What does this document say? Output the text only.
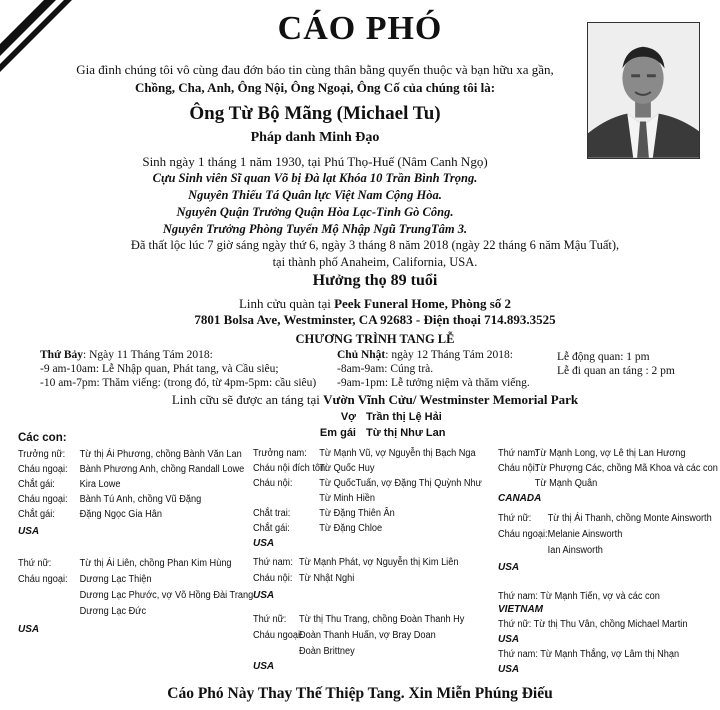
CÁO PHÓ
Gia đình chúng tôi vô cùng đau đớn báo tin cùng thân bằng quyến thuộc và bạn hữu xa gần,
Chồng, Cha, Anh, Ông Nội, Ông Ngoại, Ông Cố của chúng tôi là:
Ông Từ Bộ Mãng (Michael Tu)
Pháp danh Minh Đạo
Sinh ngày 1 tháng 1 năm 1930, tại Phú Thọ-Huế (Nâm Canh Ngọ)
Cựu Sinh viên Sĩ quan Võ bị Đà lạt Khóa 10 Trần Bình Trọng.
Nguyên Thiếu Tá Quân lực Việt Nam Cộng Hòa.
Nguyên Quận Trưởng Quận Hòa Lạc-Tỉnh Gò Công.
Nguyên Trưởng Phòng Tuyển Mộ Nhập Ngũ TrungTâm 3.
Đã thất lộc lúc 7 giờ sáng ngày thứ 6, ngày 3 tháng 8 năm 2018 (ngày 22 tháng 6 năm Mậu Tuất),
tại thành phố Anaheim, California, USA.
Hưởng thọ 89 tuổi
Linh cửu quàn tại Peek Funeral Home, Phòng số 2
7801 Bolsa Ave, Westminster, CA 92683 - Điện thoại 714.893.3525
CHƯƠNG TRÌNH TANG LỄ
Thứ Bảy: Ngày 11 Tháng Tám 2018:
-9 am-10am: Lễ Nhập quan, Phát tang, và Cầu siêu;
-10 am-7pm: Thăm viếng: (trong đó, từ 4pm-5pm: cầu siêu)
Chủ Nhật: ngày 12 Tháng Tám 2018:
-8am-9am: Cúng trà.
-9am-1pm: Lễ tưởng niệm và thăm viếng.
Lễ động quan: 1 pm
Lễ đi quan an táng : 2 pm
Linh cữu sẽ được an táng tại Vườn Vĩnh Cửu/ Westminster Memorial Park
Vợ Trần thị Lệ Hải
Em gái Từ thị Như Lan
Các con:
Trưởng nữ: Từ thị Ái Phương, chồng Bành Văn Lan
Cháu ngoại: Bành Phương Anh, chồng Randall Lowe
Chắt gái: Kira Lowe
Cháu ngoại: Bành Tú Anh, chồng Vũ Đặng
Chắt gái: Đặng Ngọc Gia Hân
USA
Thứ nữ:	Từ thị Ái Liên, chồng Phan Kim Hùng
Cháu ngoại: Dương Lạc Thiện
Dương Lạc Phước, vợ Võ Hồng Đài Trang
Dương Lạc Đức
USA
Trưởng nam: Từ Mạnh Vũ, vợ Nguyễn thị Bạch Nga
Cháu nội đích tôn:Từ Quốc Huy
Cháu nội:	Từ QuốcTuấn, vợ Đặng Thị Quỳnh Như
Từ Minh Hiền
Chắt trai:	Từ Đặng Thiên Ân
Chắt gái:	Từ Đặng Chloe
USA
Thứ nam: Từ Mạnh Phát, vợ Nguyễn thị Kim Liên
Cháu nội: Từ Nhật Nghi
USA
Thứ nữ: Từ thị Thu Trang, chồng Đoàn Thanh Hy
Cháu ngoại:Đoàn Thanh Huấn, vợ Bray Doan
Đoàn Brittney
USA
Thứ nam:Từ Mạnh Long, vợ Lê thị Lan Hương
Cháu nội:Từ Phượng Các, chồng Mã Khoa và các con
Từ Mạnh Quân
CANADA
Thứ nữ: Từ thị Ái Thanh, chồng Monte Ainsworth
Cháu ngoại:Melanie Ainsworth
Ian Ainsworth
USA
Thứ nam: Từ Mạnh Tiến, vợ và các con
VIETNAM
Thứ nữ: Từ thị Thu Vân, chồng Michael Martin
USA
Thứ nam: Từ Mạnh Thắng, vợ Lâm thị Nhạn
USA
Cáo Phó Này Thay Thế Thiệp Tang. Xin Miễn Phúng Điếu
